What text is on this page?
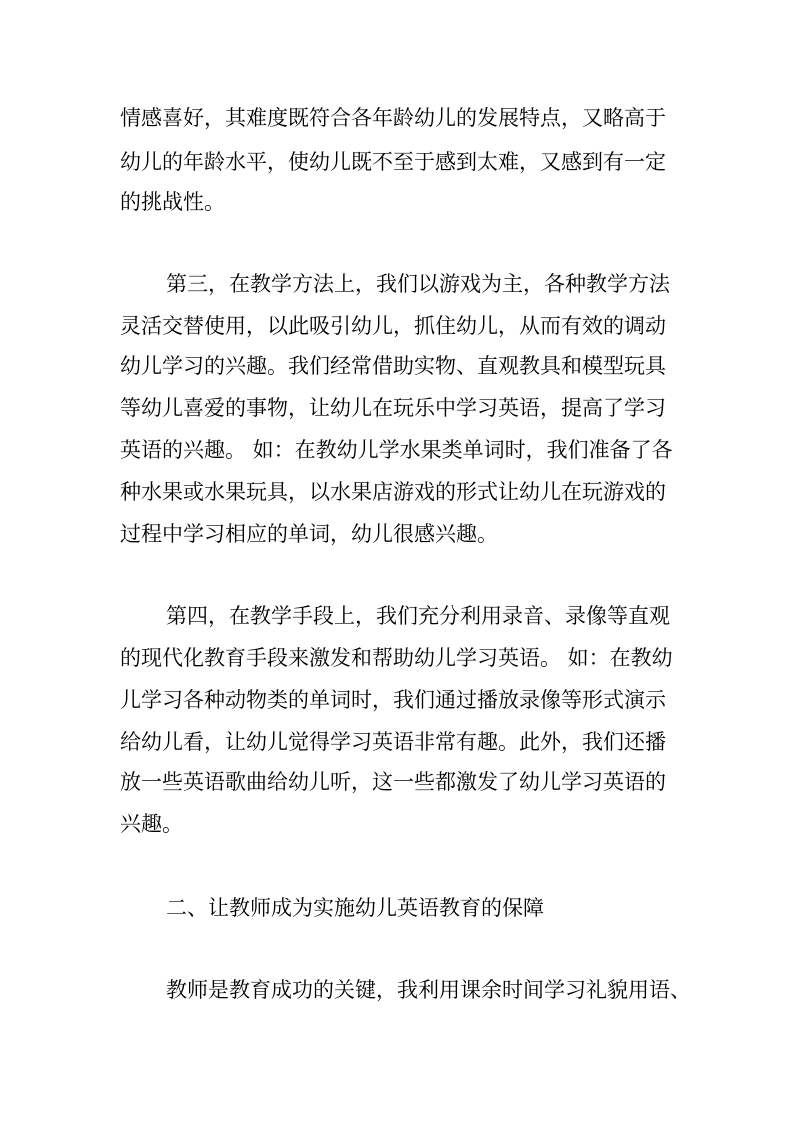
情感喜好，其难度既符合各年龄幼儿的发展特点，又略高于
幼儿的年龄水平，使幼儿既不至于感到太难，又感到有一定
的挑战性。
第三，在教学方法上，我们以游戏为主，各种教学方法
灵活交替使用，以此吸引幼儿，抓住幼儿，从而有效的调动
幼儿学习的兴趣。我们经常借助实物、直观教具和模型玩具
等幼儿喜爱的事物，让幼儿在玩乐中学习英语，提高了学习
英语的兴趣。 如：在教幼儿学水果类单词时，我们准备了各
种水果或水果玩具，以水果店游戏的形式让幼儿在玩游戏的
过程中学习相应的单词，幼儿很感兴趣。
第四，在教学手段上，我们充分利用录音、录像等直观
的现代化教育手段来激发和帮助幼儿学习英语。 如：在教幼
儿学习各种动物类的单词时，我们通过播放录像等形式演示
给幼儿看，让幼儿觉得学习英语非常有趣。此外，我们还播
放一些英语歌曲给幼儿听，这一些都激发了幼儿学习英语的
兴趣。
二、让教师成为实施幼儿英语教育的保障
教师是教育成功的关键，我利用课余时间学习礼貌用语、
